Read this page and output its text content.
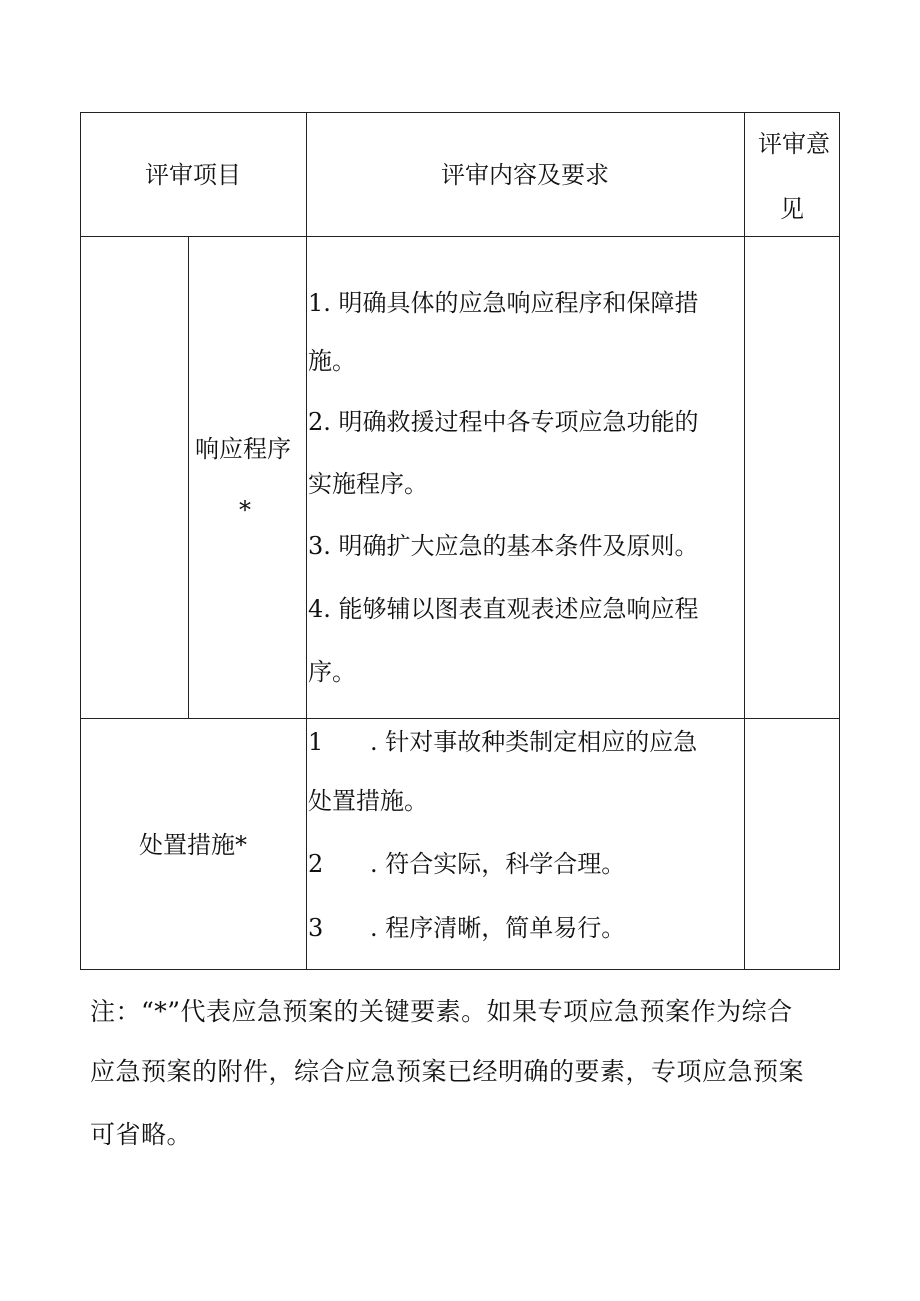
评审项目	评审内容及要求
评审意
见
响应程序
*
1. 明确具体的应急响应程序和保障措
施。
2. 明确救援过程中各专项应急功能的
实施程序。
3. 明确扩大应急的基本条件及原则。
4. 能够辅以图表直观表述应急响应程
序。
处置措施*
1 . 针对事故种类制定相应的应急
处置措施。
2 . 符合实际，科学合理。
3 . 程序清晰，简单易行。
注：“*”代表应急预案的关键要素。如果专项应急预案作为综合
应急预案的附件，综合应急预案已经明确的要素，专项应急预案
可省略。
